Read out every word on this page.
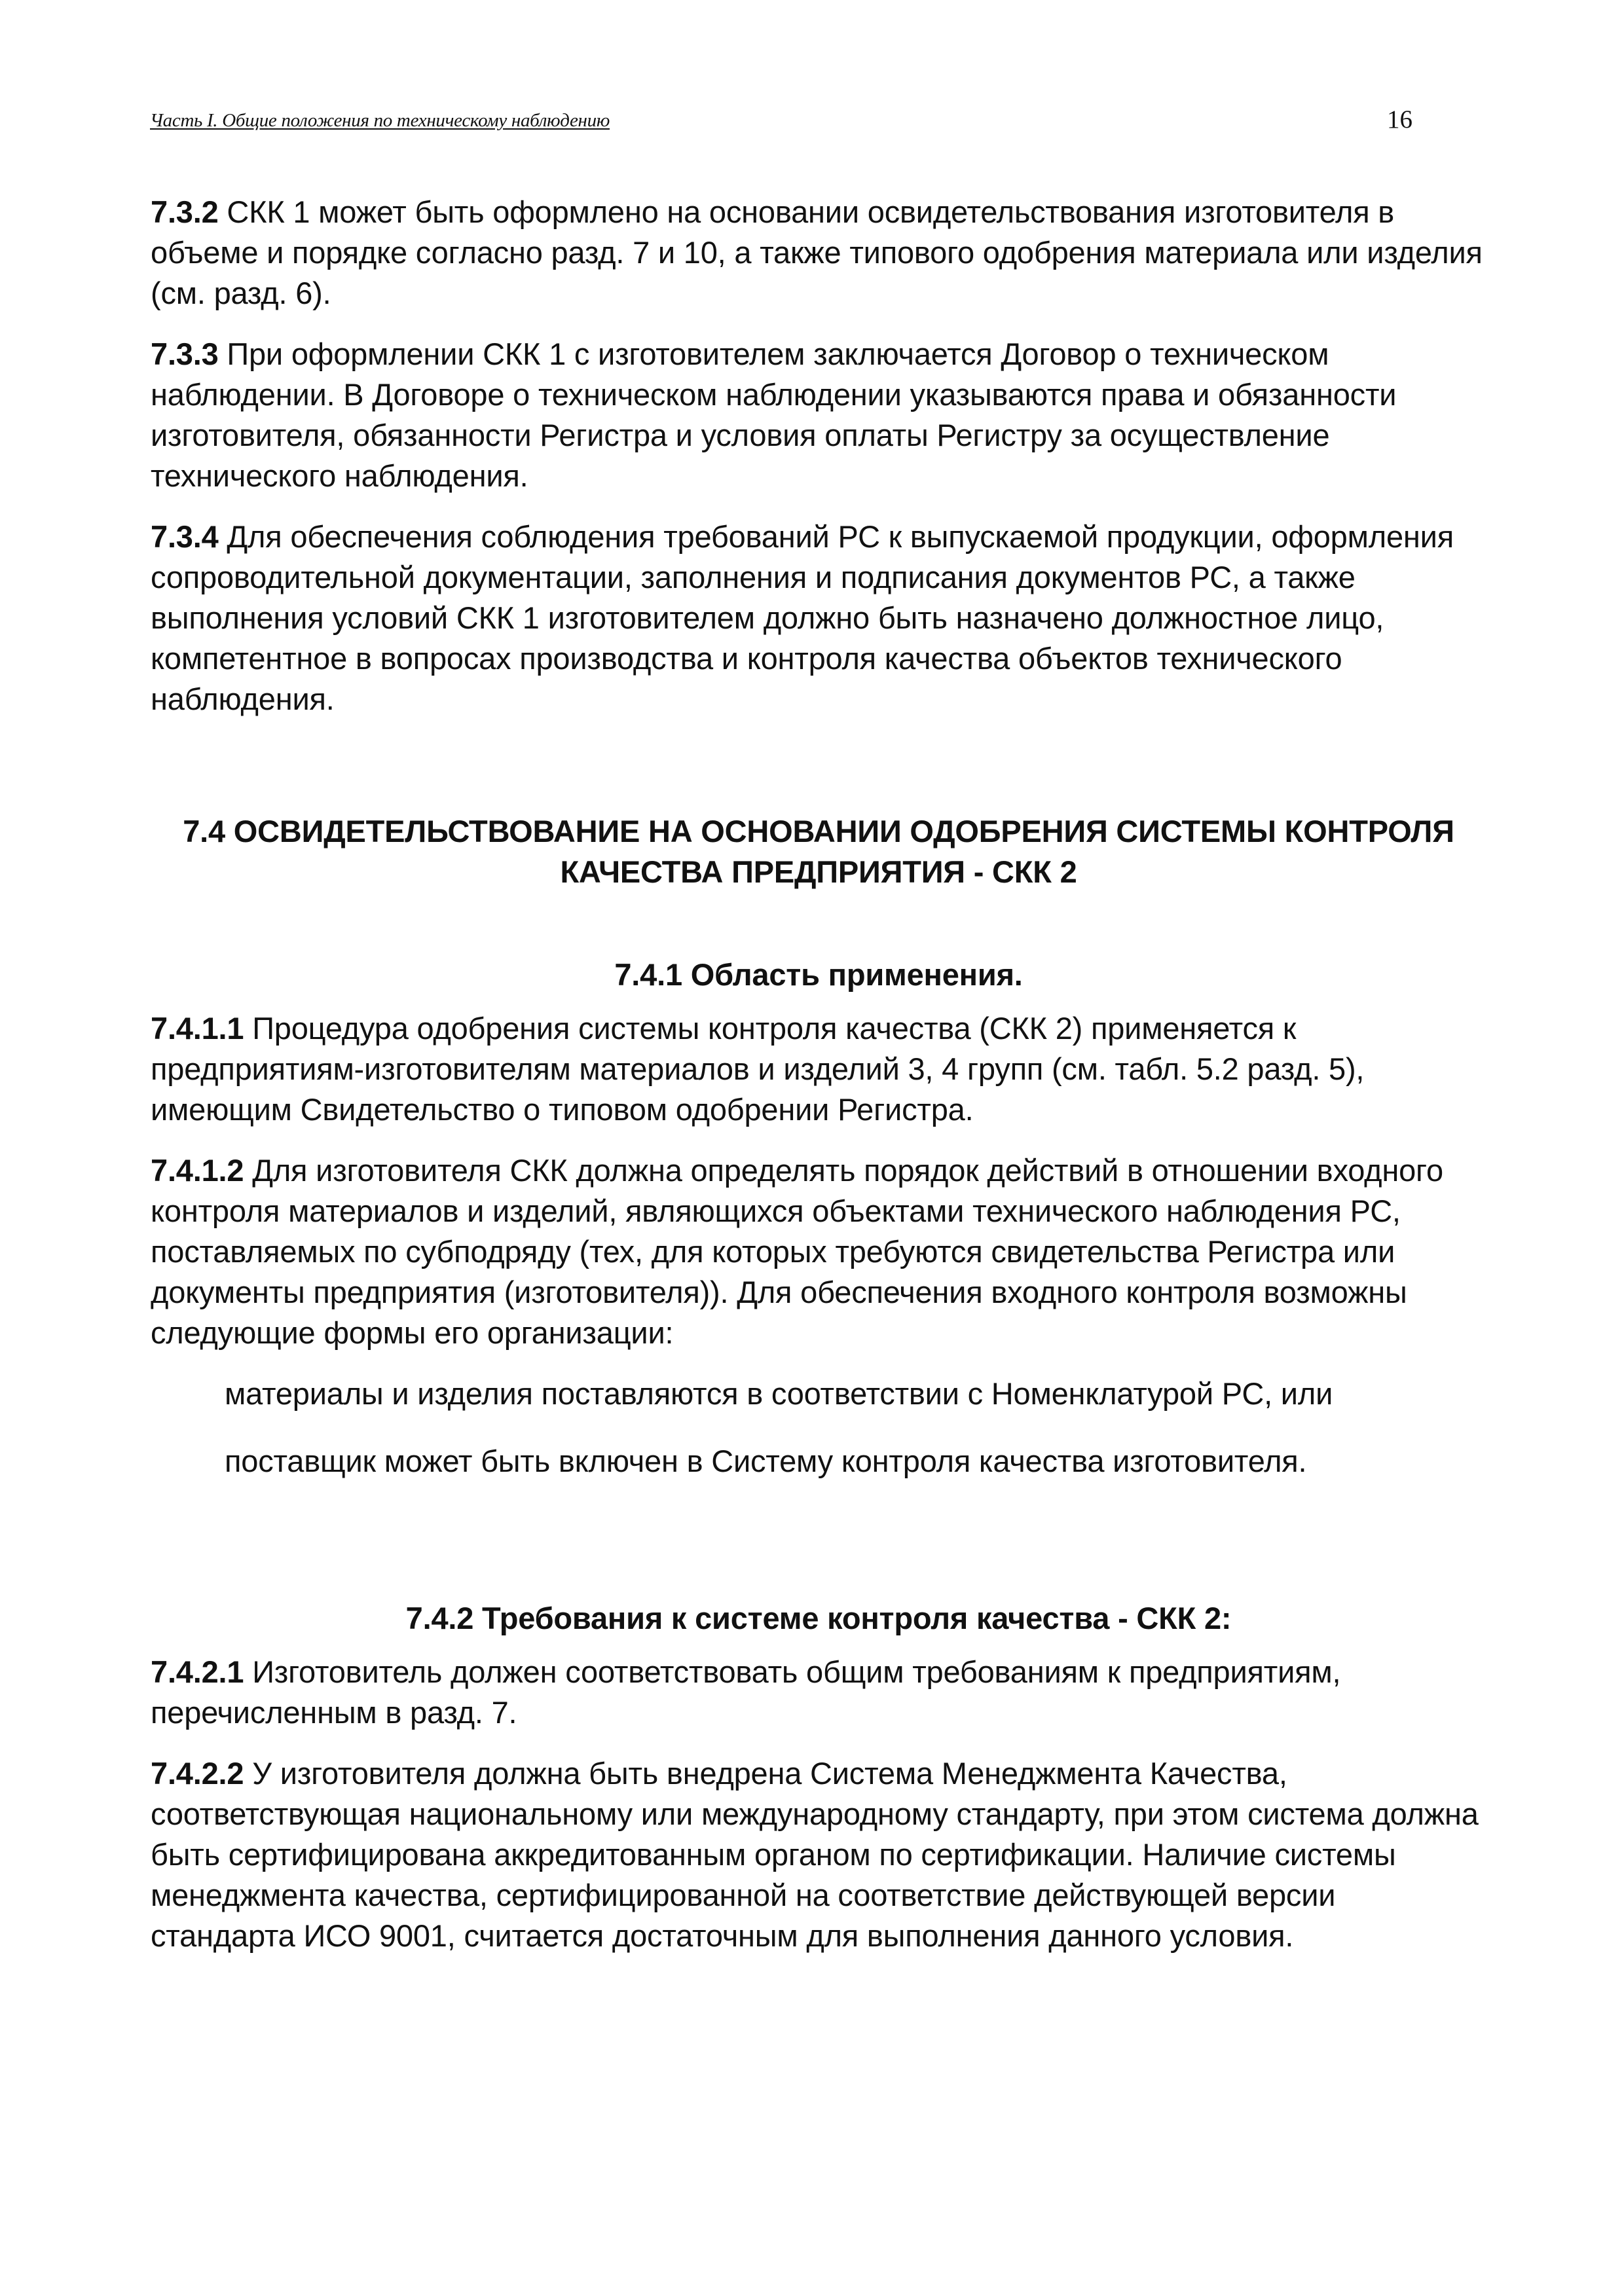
Часть I. Общие положения по техническому наблюдению	16

7.3.2 СКК 1 может быть оформлено на основании освидетельствования изготовителя в объеме и порядке согласно разд. 7 и 10, а также типового одобрения материала или изделия (см. разд. 6).

7.3.3 При оформлении СКК 1 с изготовителем заключается Договор о техническом наблюдении. В Договоре о техническом наблюдении указываются права и обязанности изготовителя, обязанности Регистра и условия оплаты Регистру за осуществление технического наблюдения.

7.3.4 Для обеспечения соблюдения требований РС к выпускаемой продукции, оформления сопроводительной документации, заполнения и подписания документов РС, а также выполнения условий СКК 1 изготовителем должно быть назначено должностное лицо, компетентное в вопросах производства и контроля качества объектов технического наблюдения.

7.4 ОСВИДЕТЕЛЬСТВОВАНИЕ НА ОСНОВАНИИ ОДОБРЕНИЯ СИСТЕМЫ КОНТРОЛЯ
КАЧЕСТВА ПРЕДПРИЯТИЯ - СКК 2
7.4.1 Область применения.

7.4.1.1 Процедура одобрения системы контроля качества (СКК 2) применяется к предприятиям-изготовителям материалов и изделий 3, 4 групп (см. табл. 5.2 разд. 5), имеющим Свидетельство о типовом одобрении Регистра.

7.4.1.2 Для изготовителя СКК должна определять порядок действий в отношении входного контроля материалов и изделий, являющихся объектами технического наблюдения РС, поставляемых по субподряду (тех, для которых требуются свидетельства Регистра или документы предприятия (изготовителя)). Для обеспечения входного контроля возможны следующие формы его организации:

материалы и изделия поставляются в соответствии с Номенклатурой РС, или

поставщик может быть включен в Систему контроля качества изготовителя.

7.4.2 Требования к системе контроля качества - СКК 2:

7.4.2.1 Изготовитель должен соответствовать общим требованиям к предприятиям, перечисленным в разд. 7.

7.4.2.2 У изготовителя должна быть внедрена Система Менеджмента Качества, соответствующая национальному или международному стандарту, при этом система должна быть сертифицирована аккредитованным органом по сертификации. Наличие системы менеджмента качества, сертифицированной на соответствие действующей версии стандарта ИСО 9001, считается достаточным для выполнения данного условия.
